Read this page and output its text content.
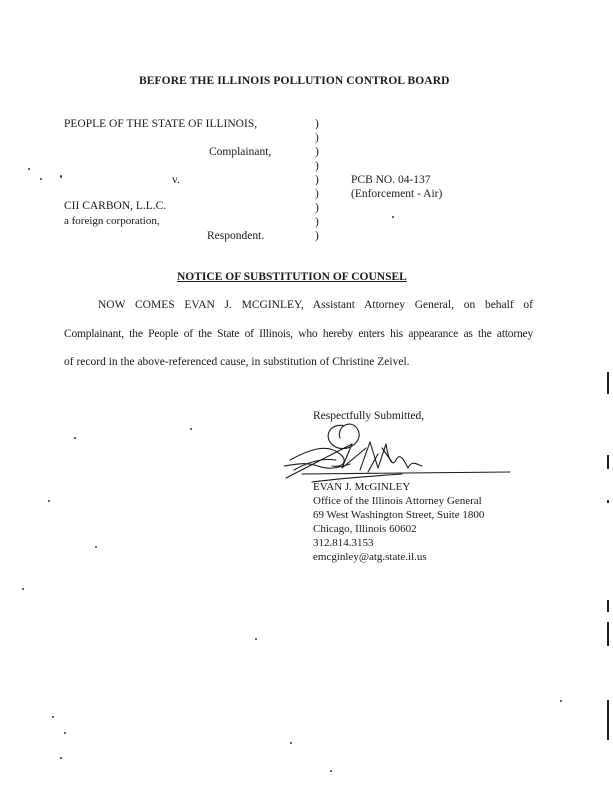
BEFORE THE ILLINOIS POLLUTION CONTROL BOARD
PEOPLE OF THE STATE OF ILLINOIS,
Complainant,
v.
CII CARBON, L.L.C.
a foreign corporation,
Respondent.
)
)
)
)
)
)
)
)
)
PCB NO. 04-137
(Enforcement - Air)
NOTICE OF SUBSTITUTION OF COUNSEL
NOW COMES EVAN J. MCGINLEY, Assistant Attorney General, on behalf of
Complainant, the People of the State of Illinois, who hereby enters his appearance as the attorney
of record in the above-referenced cause, in substitution of Christine Zeivel.
Respectfully Submitted,
EVAN J. McGINLEY
Office of the Illinois Attorney General
69 West Washington Street, Suite 1800
Chicago, Illinois 60602
312.814.3153
emcginley@atg.state.il.us
